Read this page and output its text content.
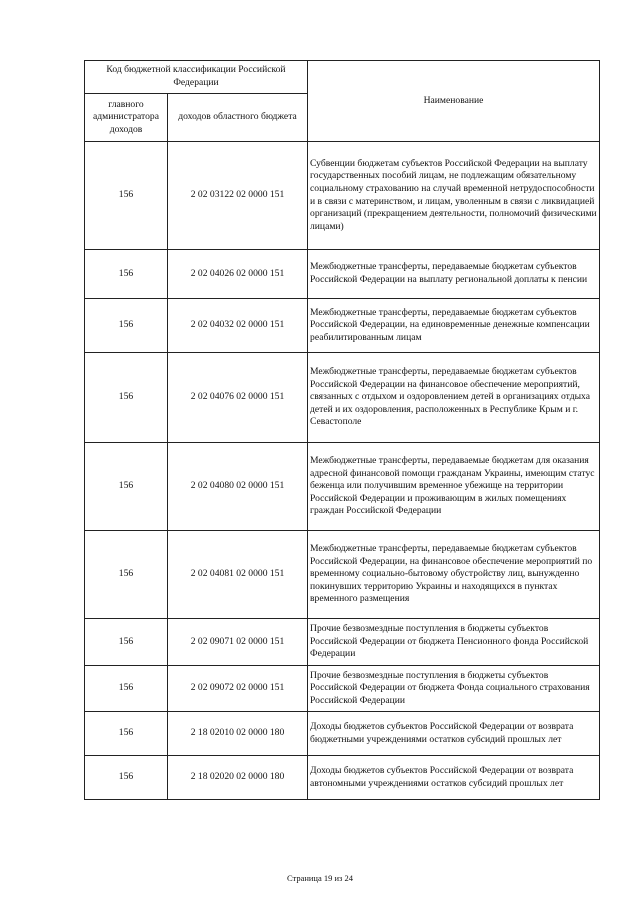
Код бюджетной классификации Российской Федерации		Наименование
главного администратора доходов	доходов областного бюджета	
156	2 02 03122 02 0000 151	Субвенции бюджетам субъектов Российской Федерации на выплату государственных пособий лицам, не подлежащим обязательному социальному страхованию на случай временной нетрудоспособности и в связи с материнством, и лицам, уволенным в связи с ликвидацией организаций (прекращением деятельности, полномочий физическими лицами)
156	2 02 04026 02 0000 151	Межбюджетные трансферты, передаваемые бюджетам субъектов Российской Федерации на выплату региональной доплаты к пенсии
156	2 02 04032 02 0000 151	Межбюджетные трансферты, передаваемые бюджетам субъектов Российской Федерации, на единовременные денежные компенсации реабилитированным лицам
156	2 02 04076 02 0000 151	Межбюджетные трансферты, передаваемые бюджетам субъектов Российской Федерации на финансовое обеспечение мероприятий, связанных с отдыхом и оздоровлением детей в организациях отдыха детей и их оздоровления, расположенных в Республике Крым и г. Севастополе
156	2 02 04080 02 0000 151	Межбюджетные трансферты, передаваемые бюджетам для оказания адресной финансовой помощи гражданам Украины, имеющим статус беженца или получившим временное убежище на территории Российской Федерации и проживающим в жилых помещениях граждан Российской Федерации
156	2 02 04081 02 0000 151	Межбюджетные трансферты, передаваемые бюджетам субъектов Российской Федерации, на финансовое обеспечение мероприятий по временному социально-бытовому обустройству лиц, вынужденно покинувших территорию Украины и находящихся в пунктах временного размещения
156	2 02 09071 02 0000 151	Прочие безвозмездные поступления в бюджеты субъектов Российской Федерации от бюджета Пенсионного фонда Российской Федерации
156	2 02 09072 02 0000 151	Прочие безвозмездные поступления в бюджеты субъектов Российской Федерации от бюджета Фонда социального страхования Российской Федерации
156	2 18 02010 02 0000 180	Доходы бюджетов субъектов Российской Федерации от возврата бюджетными учреждениями остатков субсидий прошлых лет
156	2 18 02020 02 0000 180	Доходы бюджетов субъектов Российской Федерации от возврата автономными учреждениями остатков субсидий прошлых лет
Страница 19 из 24
